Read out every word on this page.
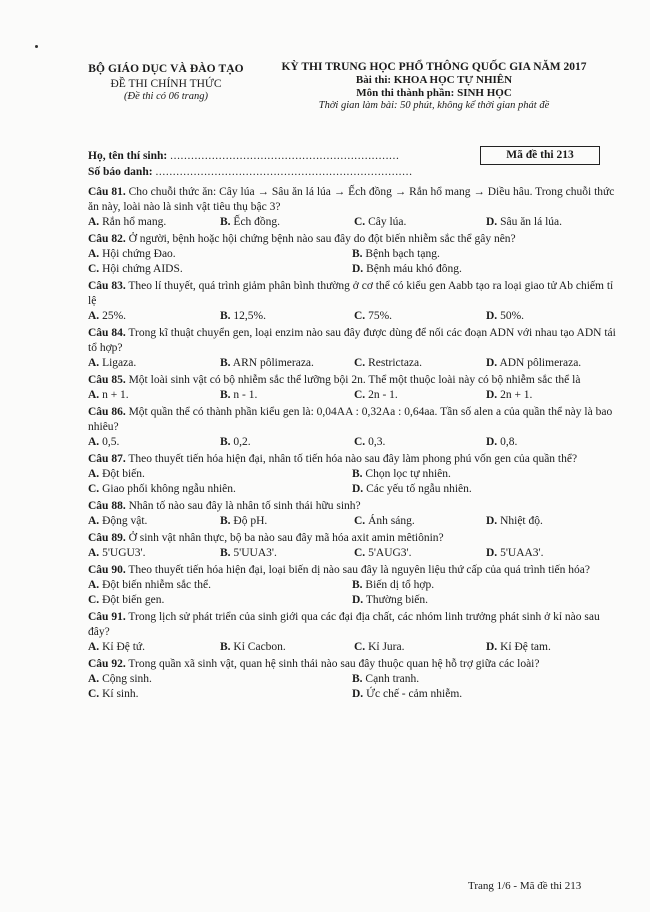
BỘ GIÁO DỤC VÀ ĐÀO TẠO
ĐỀ THI CHÍNH THỨC
(Đề thi có 06 trang)
KỲ THI TRUNG HỌC PHỔ THÔNG QUỐC GIA NĂM 2017
Bài thi: KHOA HỌC TỰ NHIÊN
Môn thi thành phần: SINH HỌC
Thời gian làm bài: 50 phút, không kể thời gian phát đề
Họ, tên thí sinh: ..................................................................
Số báo danh: ..........................................................................
Mã đề thi 213
Câu 81. Cho chuỗi thức ăn: Cây lúa → Sâu ăn lá lúa → Ếch đồng → Rắn hổ mang → Diều hâu. Trong chuỗi thức ăn này, loài nào là sinh vật tiêu thụ bậc 3?
A. Rắn hổ mang.	B. Ếch đồng.	C. Cây lúa.	D. Sâu ăn lá lúa.
Câu 82. Ở người, bệnh hoặc hội chứng bệnh nào sau đây do đột biến nhiễm sắc thể gây nên?
A. Hội chứng Đao.	B. Bệnh bạch tạng.
C. Hội chứng AIDS.	D. Bệnh máu khó đông.
Câu 83. Theo lí thuyết, quá trình giảm phân bình thường ở cơ thể có kiểu gen Aabb tạo ra loại giao tử Ab chiếm tỉ lệ
A. 25%.	B. 12,5%.	C. 75%.	D. 50%.
Câu 84. Trong kĩ thuật chuyển gen, loại enzim nào sau đây được dùng để nối các đoạn ADN với nhau tạo ADN tái tổ hợp?
A. Ligaza.	B. ARN pôlimeraza.	C. Restrictaza.	D. ADN pôlimeraza.
Câu 85. Một loài sinh vật có bộ nhiễm sắc thể lưỡng bội 2n. Thể một thuộc loài này có bộ nhiễm sắc thể là
A. n + 1.	B. n - 1.	C. 2n - 1.	D. 2n + 1.
Câu 86. Một quần thể có thành phần kiểu gen là: 0,04AA : 0,32Aa : 0,64aa. Tần số alen a của quần thể này là bao nhiêu?
A. 0,5.	B. 0,2.	C. 0,3.	D. 0,8.
Câu 87. Theo thuyết tiến hóa hiện đại, nhân tố tiến hóa nào sau đây làm phong phú vốn gen của quần thể?
A. Đột biến.	B. Chọn lọc tự nhiên.
C. Giao phối không ngẫu nhiên.	D. Các yếu tố ngẫu nhiên.
Câu 88. Nhân tố nào sau đây là nhân tố sinh thái hữu sinh?
A. Động vật.	B. Độ pH.	C. Ánh sáng.	D. Nhiệt độ.
Câu 89. Ở sinh vật nhân thực, bộ ba nào sau đây mã hóa axit amin mêtiônin?
A. 5'UGU3'.	B. 5'UUA3'.	C. 5'AUG3'.	D. 5'UAA3'.
Câu 90. Theo thuyết tiến hóa hiện đại, loại biến dị nào sau đây là nguyên liệu thứ cấp của quá trình tiến hóa?
A. Đột biến nhiễm sắc thể.	B. Biến dị tổ hợp.
C. Đột biến gen.	D. Thường biến.
Câu 91. Trong lịch sử phát triển của sinh giới qua các đại địa chất, các nhóm linh trưởng phát sinh ở kỉ nào sau đây?
A. Kỉ Đệ tứ.	B. Kỉ Cacbon.	C. Kỉ Jura.	D. Kỉ Đệ tam.
Câu 92. Trong quần xã sinh vật, quan hệ sinh thái nào sau đây thuộc quan hệ hỗ trợ giữa các loài?
A. Cộng sinh.	B. Cạnh tranh.
C. Kí sinh.	D. Ức chế - cảm nhiễm.
Trang 1/6 - Mã đề thi 213
